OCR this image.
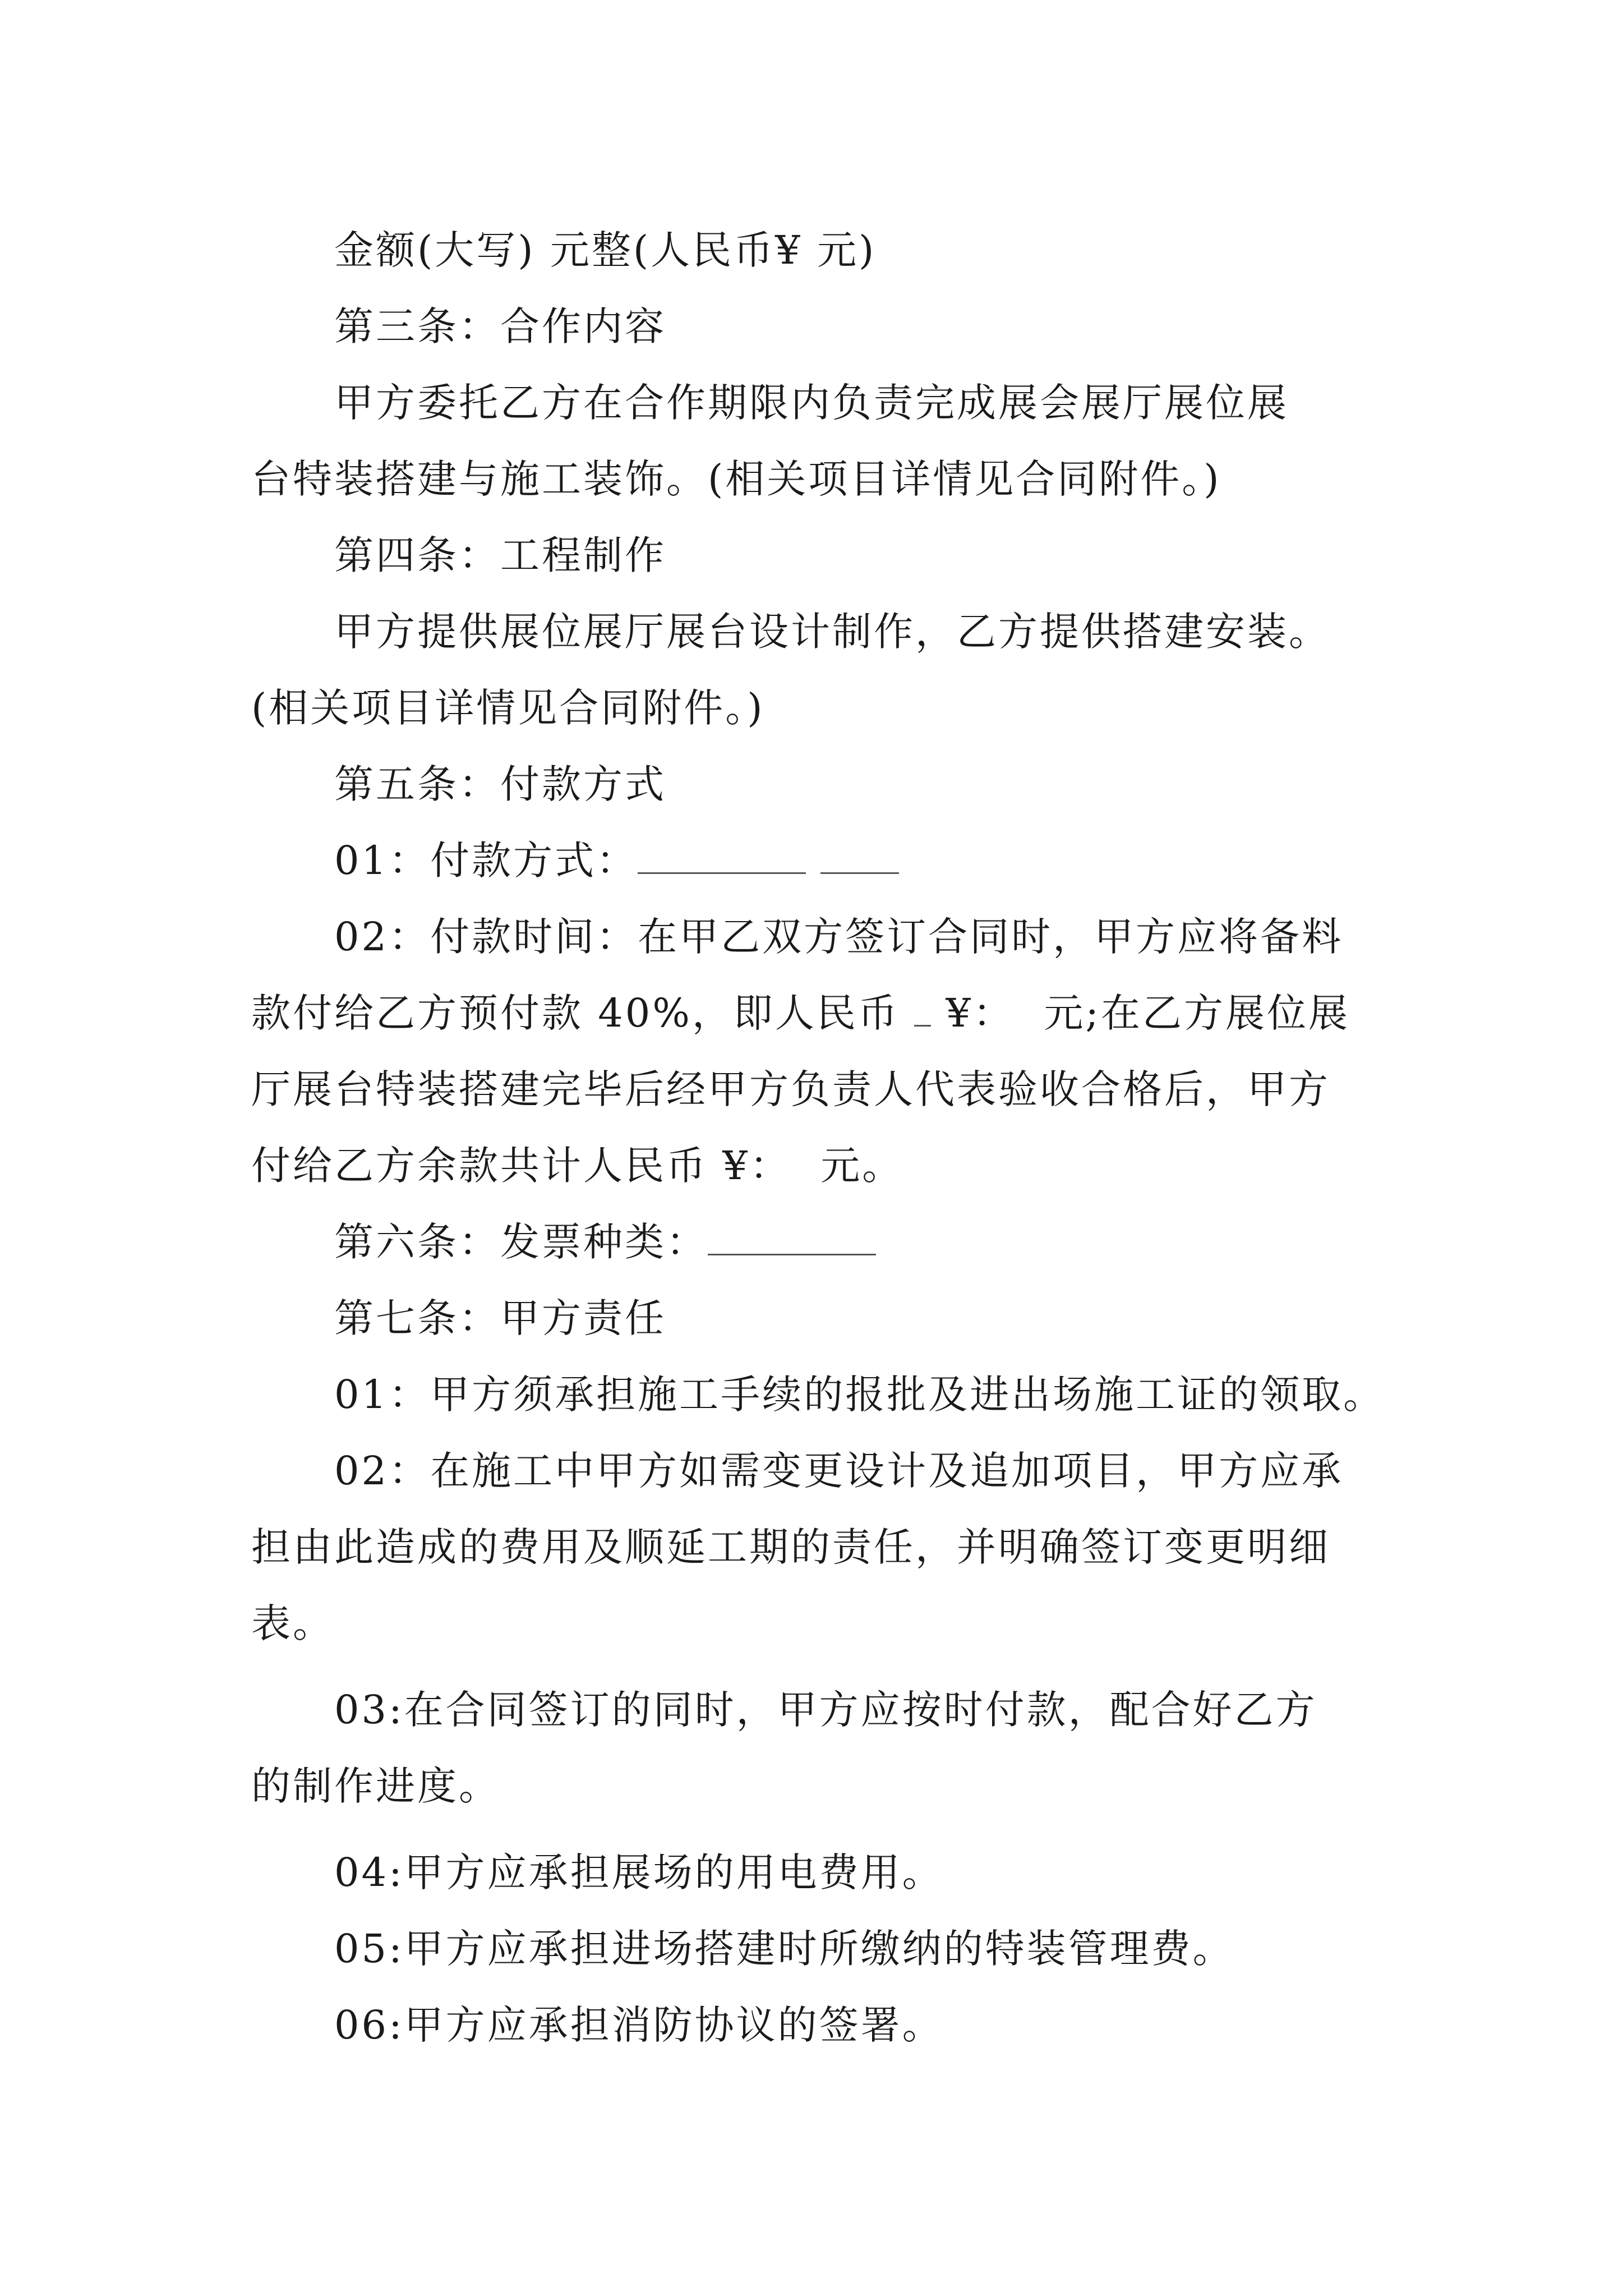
金额(大写) 元整(人民币¥ 元)

第三条：合作内容

甲方委托乙方在合作期限内负责完成展会展厅展位展

台特装搭建与施工装饰。(相关项目详情见合同附件。)

第四条：工程制作

甲方提供展位展厅展台设计制作，乙方提供搭建安装。

(相关项目详情见合同附件。)

第五条：付款方式

01：付款方式：

02：付款时间：在甲乙双方签订合同时，甲方应将备料

款付给乙方预付款 40%，即人民币  ¥：  元;在乙方展位展

厅展台特装搭建完毕后经甲方负责人代表验收合格后，甲方

付给乙方余款共计人民币 ¥：  元。

第六条：发票种类：

第七条：甲方责任

01：甲方须承担施工手续的报批及进出场施工证的领取。

02：在施工中甲方如需变更设计及追加项目，甲方应承

担由此造成的费用及顺延工期的责任，并明确签订变更明细

表。

03:在合同签订的同时，甲方应按时付款，配合好乙方

的制作进度。

04:甲方应承担展场的用电费用。

05:甲方应承担进场搭建时所缴纳的特装管理费。

06:甲方应承担消防协议的签署。
